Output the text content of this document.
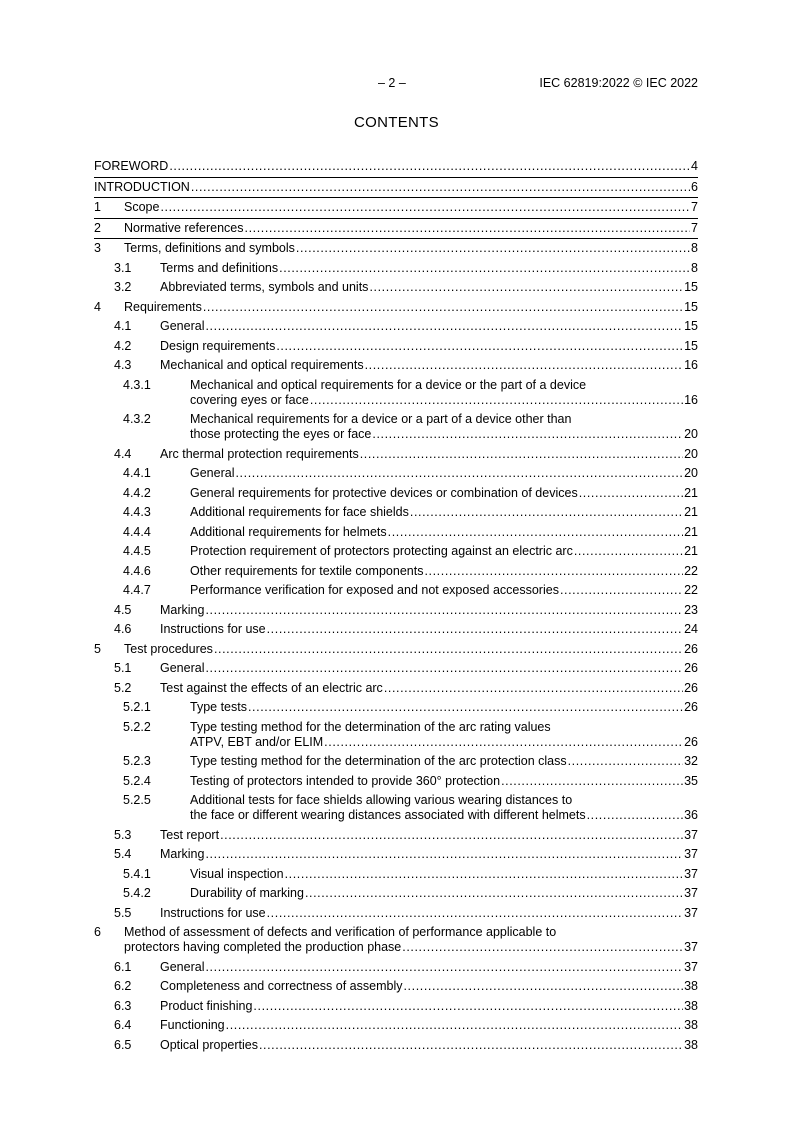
– 2 –	IEC 62819:2022 © IEC 2022
CONTENTS
FOREWORD .....	4
INTRODUCTION .....	6
1 Scope .....	7
2 Normative references .....	7
3 Terms, definitions and symbols .....	8
3.1 Terms and definitions .....	8
3.2 Abbreviated terms, symbols and units .....	15
4 Requirements .....	15
4.1 General .....	15
4.2 Design requirements .....	15
4.3 Mechanical and optical requirements .....	16
4.3.1	Mechanical and optical requirements for a device or the part of a device
covering eyes or face .....	16
4.3.2	Mechanical requirements for a device or a part of a device other than
those protecting the eyes or face .....	20
4.4 Arc thermal protection requirements .....	20
4.4.1	General .....	20
4.4.2	General requirements for protective devices or combination of devices .....	21
4.4.3	Additional requirements for face shields .....	21
4.4.4	Additional requirements for helmets .....	21
4.4.5	Protection requirement of protectors protecting against an electric arc .....	21
4.4.6	Other requirements for textile components .....	22
4.4.7	Performance verification for exposed and not exposed accessories .....	22
4.5 Marking .....	23
4.6 Instructions for use .....	24
5 Test procedures .....	26
5.1 General .....	26
5.2 Test against the effects of an electric arc .....	26
5.2.1	Type tests .....	26
5.2.2	Type testing method for the determination of the arc rating values
ATPV, EBT and/or ELIM .....	26
5.2.3	Type testing method for the determination of the arc protection class .....	32
5.2.4	Testing of protectors intended to provide 360° protection .....	35
5.2.5	Additional tests for face shields allowing various wearing distances to
the face or different wearing distances associated with different helmets .....	36
5.3 Test report .....	37
5.4 Marking .....	37
5.4.1	Visual inspection .....	37
5.4.2	Durability of marking .....	37
5.5 Instructions for use .....	37
6 Method of assessment of defects and verification of performance applicable to
protectors having completed the production phase .....	37
6.1 General .....	37
6.2 Completeness and correctness of assembly .....	38
6.3 Product finishing .....	38
6.4 Functioning .....	38
6.5 Optical properties .....	38
